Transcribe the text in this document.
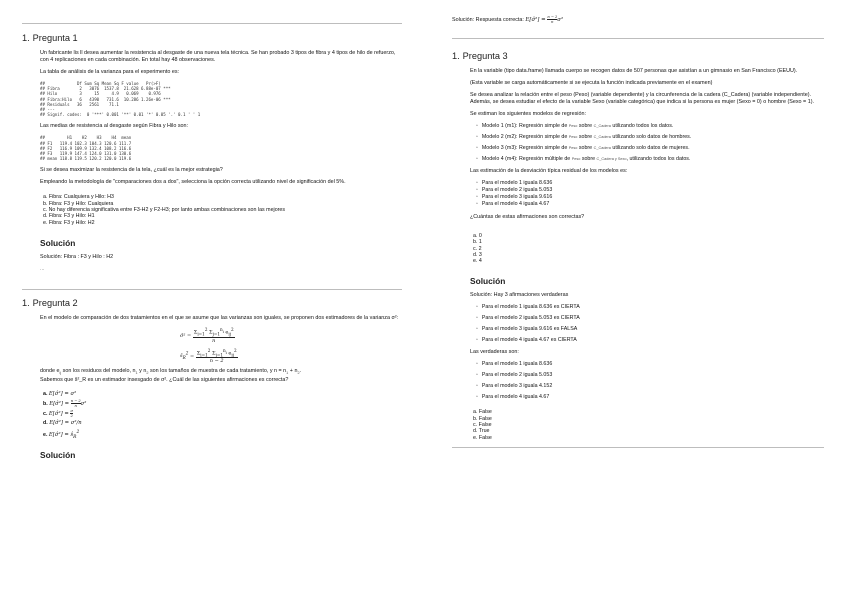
1. Pregunta 1

Un fabricante lis ll desea aumentar la resistencia al desgaste de una nueva tela técnica. Se han probado 3 tipos de fibra y 4 tipos de hilo de refuerzo, con 4 replicaciones en cada combinación. En total hay 48 observaciones.

La tabla de análisis de la varianza para el experimento es:

##             Df Sum Sq Mean Sq F value   Pr(>F)
## Fibra        2   3076  1537.8  21.628 6.88e-07 ***
## Hilo         3     15     4.9   0.069    0.976
## Fibra:Hilo   6   4390   731.6  10.286 1.26e-06 ***
## Residuals   36   2561    71.1
## ---
## Signif. codes:  0 '***' 0.001 '**' 0.01 '*' 0.05 '.' 0.1 ' ' 1

Las medias de resistencia al desgaste según Fibra y Hilo son:

##         H1    H2    H3    H4  mean
## F1   119.4 102.3 104.3 120.6 111.7
## F2   116.9 109.9 132.4 108.2 116.6
## F3   119.9 147.4 124.0 131.0 130.6
## mean 118.8 119.5 120.2 120.0 119.6

Si se desea maximizar la resistencia de la tela, ¿cuál es la mejor estrategia?

Empleando la metodología de "comparaciones dos a dos", selecciona la opción correcta utilizando nivel de significación del 5%.

a. Fibra: Cualquiera y Hilo: H3
b. Fibra: F3 y Hilo: Cualquiera
c. No hay diferencia significativa entre F3-H2 y F2-H3; por lanto ambas combinaciones son las mejores
d. Fibra: F3 y Hilo: H1
e. Fibra: F3 y Hilo: H2
Solución

Solución: Fibra : F3 y Hilo : H2

...

1. Pregunta 2

En el modelo de comparación de dos tratamientos en el que se asume que las varianzas son iguales, se proponen dos estimadores de la varianza σ²:

σ̂² = $\frac{\Sigma_{i=1}^2 \Sigma_{j=1}^{n_i} e_{ij}^2}{n}$
$ŝ_R^2 = \frac{\Sigma_{i=1}^2 \Sigma_{j=1}^{n_i} e_{ij}^2}{n - 2}$

donde $e_{ij}$ son los residuos del modelo, $n_1$ y $n_2$ son los tamaños de muestra de cada tratamiento, y $n = n_1 + n_2$.
Sabemos que ŝ²_R es un estimador insesgado de σ². ¿Cuál de las siguientes afirmaciones es correcta?

a. E[σ̂²] = σ²
b. E[σ̂²] = $\frac{n - 2}{n}\sigma^2$
c. E[σ̂²] = $\frac{\sigma}{2}$
d. E[σ̂²] = σ²/n
e. E[σ̂²] = $ŝ_R^2$
Solución

Solución: Respuesta correcta: E[σ̂²] = $\frac{n - 2}{n}\sigma^2$

1. Pregunta 3

En la variable (tipo data.frame) llamada cuerpo se recogen datos de 507 personas que asistían a un gimnasio en San Francisco (EEUU).

(Esta variable se carga automáticamente si se ejecuta la función indicada previamente en el examen)

Se desea analizar la relación entre el peso (Peso) (variable dependiente) y la circunferencia de la cadera (C_Cadera) (variable independiente). Además, se desea estudiar el efecto de la variable Sexo (variable categórica) que indica si la persona es mujer (Sexo = 0) o hombre (Sexo = 1).

Se estiman los siguientes modelos de regresión:

◦ Modelo 1 (m1): Regresión simple de Peso sobre C_Cadera utilizando todos los datos.
◦ Modelo 2 (m2): Regresión simple de Peso sobre C_Cadera utilizando solo datos de hombres.
◦ Modelo 3 (m3): Regresión simple de Peso sobre C_Cadera utilizando solo datos de mujeres.
◦ Modelo 4 (m4): Regresión múltiple de Peso sobre C_Cadera y Sexo, utilizando todos los datos.

Las estimación de la desviación típica residual de los modelos es:

◦ Para el modelo 1 iguala 8.636
◦ Para el modelo 2 iguala 5.053
◦ Para el modelo 3 iguala 9.616
◦ Para el modelo 4 iguala 4.67

¿Cuántas de estas afirmaciones son correctas?

a. 0
b. 1
c. 2
d. 3
e. 4
Solución

Solución: Hay 3 afirmaciones verdaderas

◦ Para el modelo 1 iguala 8.636 es CIERTA
◦ Para el modelo 2 iguala 5.053 es CIERTA
◦ Para el modelo 3 iguala 9.616 es FALSA
◦ Para el modelo 4 iguala 4.67 es CIERTA

Las verdaderas son:

◦ Para el modelo 1 iguala 8.636
◦ Para el modelo 2 iguala 5.053
◦ Para el modelo 3 iguala 4.152
◦ Para el modelo 4 iguala 4.67
a. False
b. False
c. False
d. True
e. False
